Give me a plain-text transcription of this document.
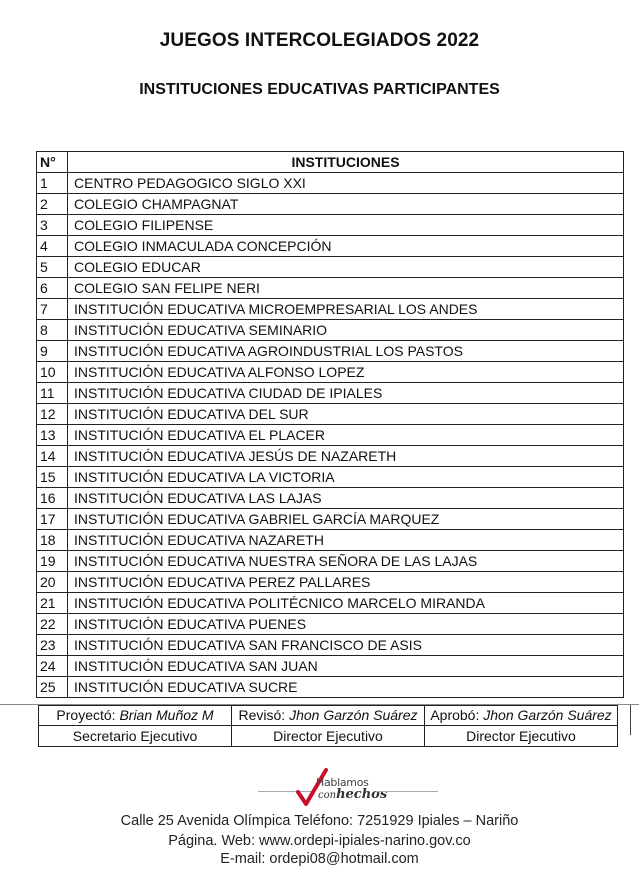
JUEGOS INTERCOLEGIADOS 2022
INSTITUCIONES EDUCATIVAS PARTICIPANTES
N°	INSTITUCIONES
1	CENTRO PEDAGOGICO SIGLO XXI
2	COLEGIO CHAMPAGNAT
3	COLEGIO FILIPENSE
4	COLEGIO INMACULADA CONCEPCIÓN
5	COLEGIO EDUCAR
6	COLEGIO SAN FELIPE NERI
7	INSTITUCIÓN EDUCATIVA MICROEMPRESARIAL LOS ANDES
8	INSTITUCIÓN EDUCATIVA SEMINARIO
9	INSTITUCIÓN EDUCATIVA AGROINDUSTRIAL LOS PASTOS
10	INSTITUCIÓN EDUCATIVA ALFONSO LOPEZ
11	INSTITUCIÓN EDUCATIVA CIUDAD DE IPIALES
12	INSTITUCIÓN EDUCATIVA DEL SUR
13	INSTITUCIÓN EDUCATIVA EL PLACER
14	INSTITUCIÓN EDUCATIVA JESÚS DE NAZARETH
15	INSTITUCIÓN EDUCATIVA LA VICTORIA
16	INSTITUCIÓN EDUCATIVA LAS LAJAS
17	INSTUTICIÓN EDUCATIVA GABRIEL GARCÍA MARQUEZ
18	INSTITUCIÓN EDUCATIVA NAZARETH
19	INSTITUCIÓN EDUCATIVA NUESTRA SEÑORA DE LAS LAJAS
20	INSTITUCIÓN EDUCATIVA PEREZ PALLARES
21	INSTITUCIÓN EDUCATIVA POLITÉCNICO MARCELO MIRANDA
22	INSTITUCIÓN EDUCATIVA PUENES
23	INSTITUCIÓN EDUCATIVA SAN FRANCISCO DE ASIS
24	INSTITUCIÓN EDUCATIVA SAN JUAN
25	INSTITUCIÓN EDUCATIVA SUCRE
Proyectó: Brian Muñoz M	Revisó: Jhon Garzón Suárez	Aprobó: Jhon Garzón Suárez
Secretario Ejecutivo	Director Ejecutivo	Director Ejecutivo
Hablamos
conhechos
Calle 25 Avenida Olímpica Teléfono: 7251929 Ipiales – Nariño
Página. Web: www.ordepi-ipiales-narino.gov.co
E-mail: ordepi08@hotmail.com
